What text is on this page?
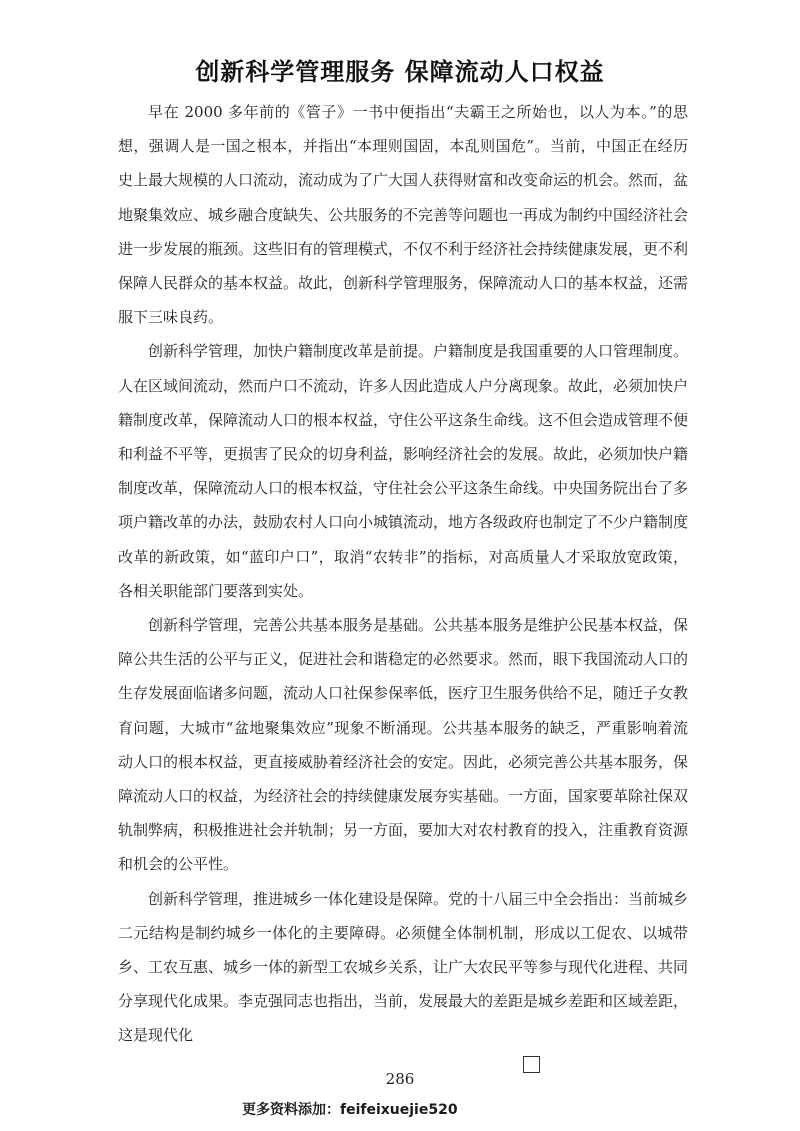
创新科学管理服务 保障流动人口权益

早在 2000 多年前的《管子》一书中便指出“夫霸王之所始也，以人为本。”的思想，强调人是一国之根本，并指出“本理则国固，本乱则国危”。当前，中国正在经历史上最大规模的人口流动，流动成为了广大国人获得财富和改变命运的机会。然而，盆地聚集效应、城乡融合度缺失、公共服务的不完善等问题也一再成为制约中国经济社会进一步发展的瓶颈。这些旧有的管理模式，不仅不利于经济社会持续健康发展，更不利保障人民群众的基本权益。故此，创新科学管理服务，保障流动人口的基本权益，还需服下三味良药。

创新科学管理，加快户籍制度改革是前提。户籍制度是我国重要的人口管理制度。人在区域间流动，然而户口不流动，许多人因此造成人户分离现象。故此，必须加快户籍制度改革，保障流动人口的根本权益，守住公平这条生命线。这不但会造成管理不便和利益不平等，更损害了民众的切身利益，影响经济社会的发展。故此，必须加快户籍制度改革，保障流动人口的根本权益，守住社会公平这条生命线。中央国务院出台了多项户籍改革的办法，鼓励农村人口向小城镇流动，地方各级政府也制定了不少户籍制度改革的新政策，如“蓝印户口”，取消“农转非”的指标，对高质量人才采取放宽政策，各相关职能部门要落到实处。

创新科学管理，完善公共基本服务是基础。公共基本服务是维护公民基本权益，保障公共生活的公平与正义，促进社会和谐稳定的必然要求。然而，眼下我国流动人口的生存发展面临诸多问题，流动人口社保参保率低，医疗卫生服务供给不足，随迁子女教育问题，大城市“盆地聚集效应”现象不断涌现。公共基本服务的缺乏，严重影响着流动人口的根本权益，更直接威胁着经济社会的安定。因此，必须完善公共基本服务，保障流动人口的权益，为经济社会的持续健康发展夯实基础。一方面，国家要革除社保双轨制弊病，积极推进社会并轨制；另一方面，要加大对农村教育的投入，注重教育资源和机会的公平性。

创新科学管理，推进城乡一体化建设是保障。党的十八届三中全会指出：当前城乡二元结构是制约城乡一体化的主要障碍。必须健全体制机制，形成以工促农、以城带乡、工农互惠、城乡一体的新型工农城乡关系，让广大农民平等参与现代化进程、共同分享现代化成果。李克强同志也指出，当前，发展最大的差距是城乡差距和区域差距，这是现代化

286
更多资料添加：feifeixuejie520
